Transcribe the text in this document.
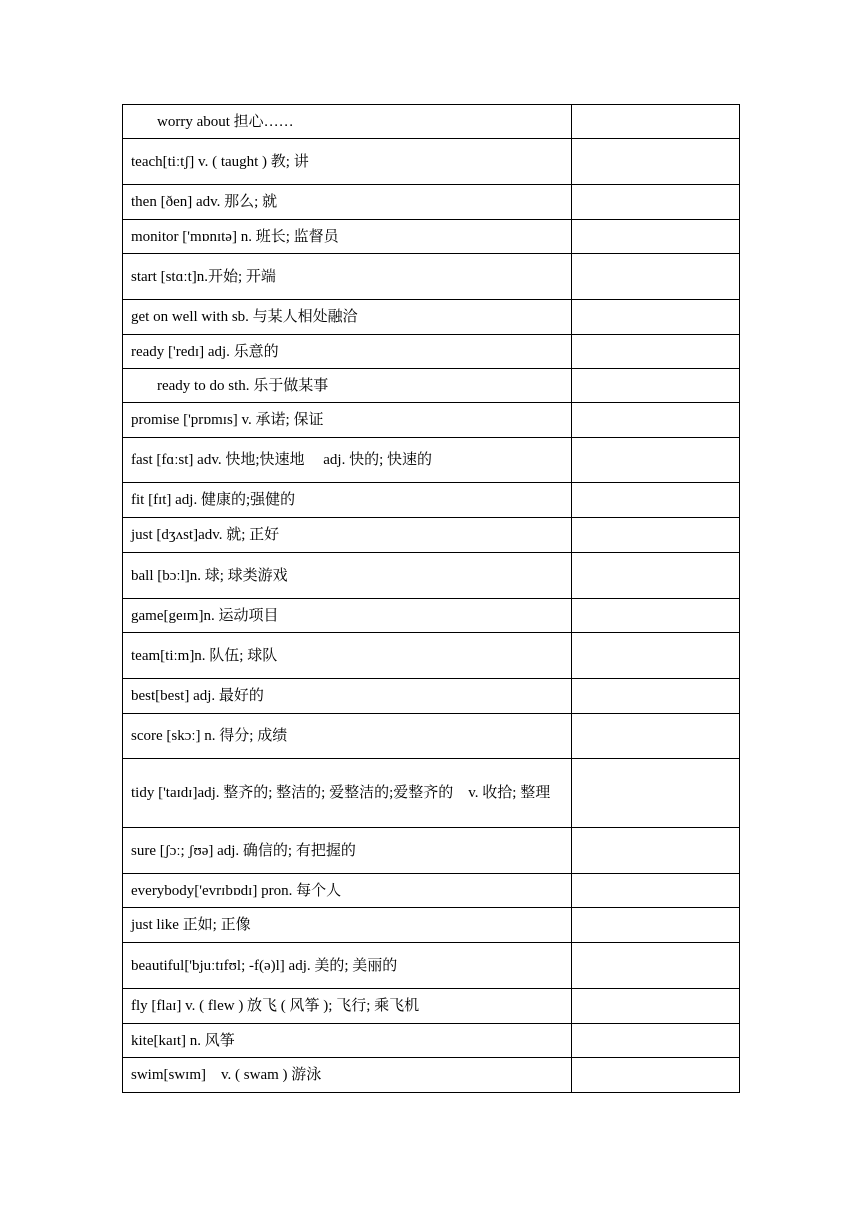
worry about 担心……	
teach[tiːtʃ] v. ( taught ) 教; 讲	
then [ðen] adv. 那么; 就	
monitor ['mɒnɪtə] n. 班长; 监督员	
start [stɑːt]n.开始; 开端	
get on well with sb. 与某人相处融洽	
ready ['redɪ] adj. 乐意的	
ready to do sth. 乐于做某事	
promise ['prɒmɪs] v. 承诺; 保证	
fast [fɑːst] adv. 快地;快速地　 adj. 快的; 快速的	
fit [fɪt] adj. 健康的;强健的	
just [dʒʌst]adv. 就; 正好	
ball [bɔːl]n. 球; 球类游戏	
game[geɪm]n. 运动项目	
team[tiːm]n. 队伍; 球队	
best[best] adj. 最好的	
score [skɔː] n. 得分; 成绩	
tidy ['taɪdɪ]adj. 整齐的; 整洁的; 爱整洁的;爱整齐的　v. 收拾; 整理	
sure [ʃɔː; ʃʊə] adj. 确信的; 有把握的	
everybody['evrɪbɒdɪ] pron. 每个人	
just like 正如; 正像	
beautiful['bjuːtɪfʊl; -f(ə)l] adj. 美的; 美丽的	
fly [flaɪ] v. ( flew ) 放飞 ( 风筝 ); 飞行; 乘飞机	
kite[kaɪt] n. 风筝	
swim[swɪm]　v. ( swam ) 游泳	
